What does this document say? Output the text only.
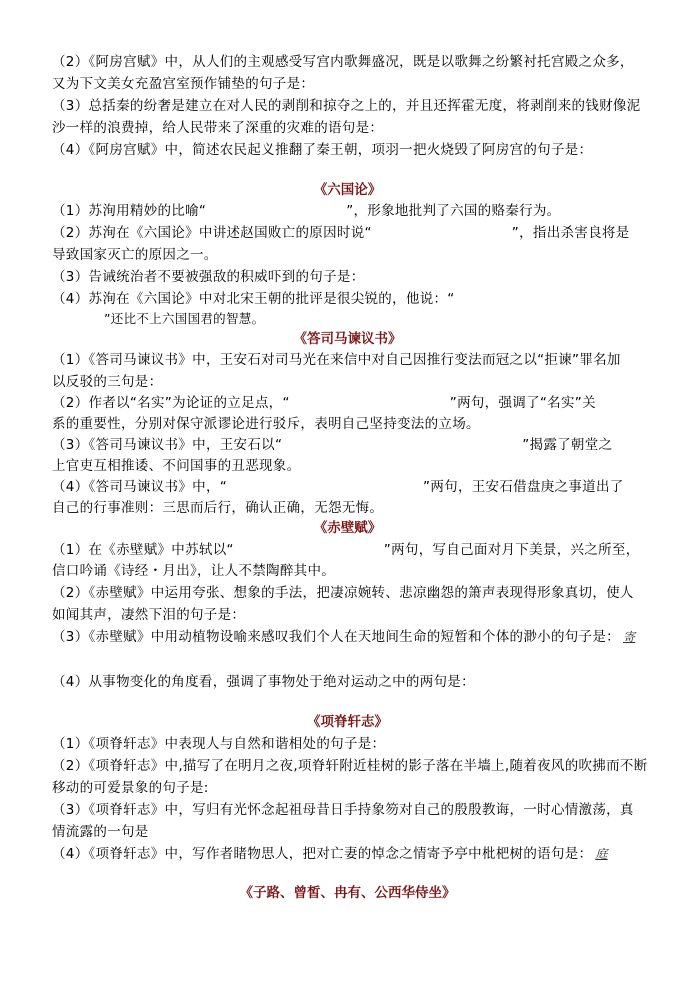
（2）《阿房宫赋》中，从人们的主观感受写宫内歌舞盛况，既是以歌舞之纷繁衬托宫殿之众多，
又为下文美女充盈宫室预作铺垫的句子是：
（3）总括秦的纷奢是建立在对人民的剥削和掠夺之上的，并且还挥霍无度，将剥削来的钱财像泥
沙一样的浪费掉，给人民带来了深重的灾难的语句是：
（4）《阿房宫赋》中，简述农民起义推翻了秦王朝，项羽一把火烧毁了阿房宫的句子是：
《六国论》
（1）苏洵用精妙的比喻“	”，形象地批判了六国的赂秦行为。
（2）苏洵在《六国论》中讲述赵国败亡的原因时说“	”，指出杀害良将是
导致国家灭亡的原因之一。
（3）告诫统治者不要被强敌的积威吓到的句子是：
（4）苏洵在《六国论》中对北宋王朝的批评是很尖锐的，他说：“
”还比不上六国国君的智慧。
《答司马谏议书》
（1）《答司马谏议书》中，王安石对司马光在来信中对自己因推行变法而冠之以“拒谏”罪名加
以反驳的三句是：
（2）作者以“名实”为论证的立足点，“	”两句，强调了“名实”关
系的重要性，分别对保守派谬论进行驳斥，表明自己坚持变法的立场。
（3）《答司马谏议书》中，王安石以“	”揭露了朝堂之
上官吏互相推诿、不问国事的丑恶现象。
（4）《答司马谏议书》中，“	”两句，王安石借盘庚之事道出了
自己的行事准则：三思而后行，确认正确，无怨无悔。
《赤壁赋》
（1）在《赤壁赋》中苏轼以“	”两句，写自己面对月下美景，兴之所至，
信口吟诵《诗经・月出》，让人不禁陶醉其中。
（2）《赤壁赋》中运用夸张、想象的手法，把凄凉婉转、悲凉幽怨的箫声表现得形象真切，使人
如闻其声，凄然下泪的句子是：
（3）《赤壁赋》中用动植物设喻来感叹我们个人在天地间生命的短暂和个体的渺小的句子是： 寄
（4）从事物变化的角度看，强调了事物处于绝对运动之中的两句是：
《项脊轩志》
（1）《项脊轩志》中表现人与自然和谐相处的句子是：
（2）《项脊轩志》中,描写了在明月之夜,项脊轩附近桂树的影子落在半墙上,随着夜风的吹拂而不断
移动的可爱景象的句子是:
（3）《项脊轩志》中，写归有光怀念起祖母昔日手持象笏对自己的殷殷教诲，一时心情激荡，真
情流露的一句是
（4）《项脊轩志》中，写作者睹物思人，把对亡妻的悼念之情寄予亭中枇杷树的语句是： 庭
《子路、曾皙、冉有、公西华侍坐》
